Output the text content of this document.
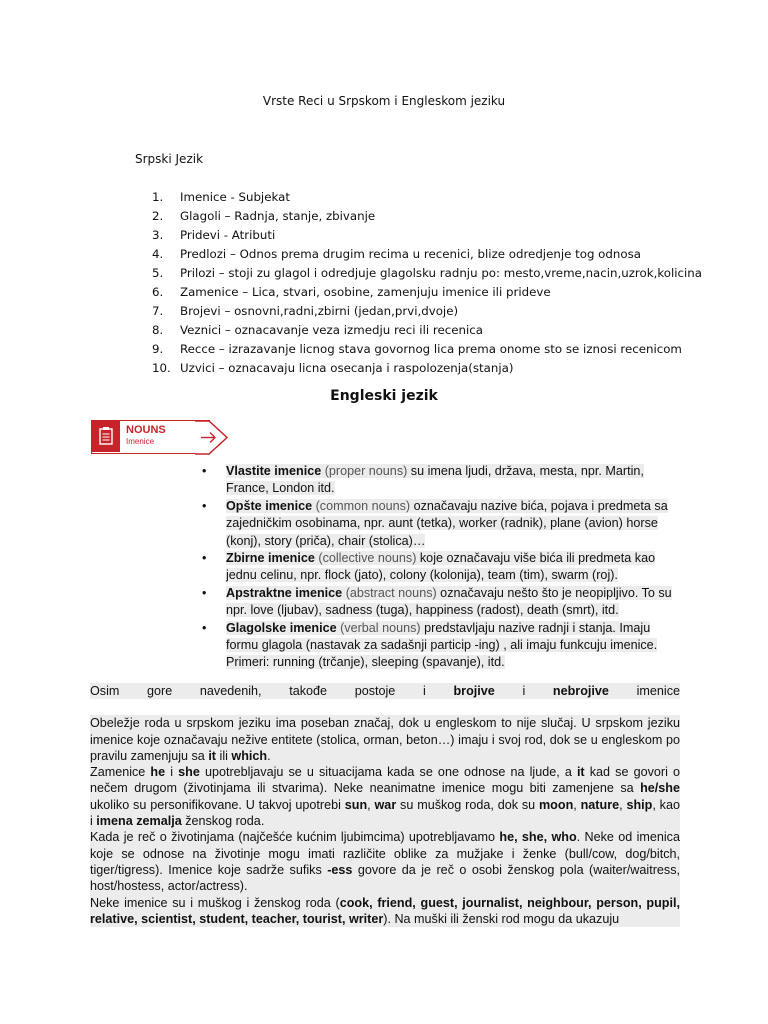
Vrste Reci u Srpskom i Engleskom jeziku
Srpski Jezik
1. Imenice - Subjekat
2. Glagoli – Radnja, stanje, zbivanje
3. Pridevi - Atributi
4. Predlozi – Odnos prema drugim recima u recenici, blize odredjenje tog odnosa
5. Prilozi – stoji zu glagol i odredjuje glagolsku radnju po: mesto,vreme,nacin,uzrok,kolicina
6. Zamenice – Lica, stvari, osobine, zamenjuju imenice ili prideve
7. Brojevi – osnovni,radni,zbirni (jedan,prvi,dvoje)
8. Veznici – oznacavanje veza izmedju reci ili recenica
9. Recce – izrazavanje licnog stava govornog lica prema onome sto se iznosi recenicom
10. Uzvici – oznacavaju licna osecanja i raspolozenja(stanja)
Engleski jezik
NOUNS
Imenice
• Vlastite imenice (proper nouns) su imena ljudi, država, mesta, npr. Martin, France, London itd.
• Opšte imenice (common nouns) označavaju nazive bića, pojava i predmeta sa zajedničkim osobinama, npr. aunt (tetka), worker (radnik), plane (avion) horse (konj), story (priča), chair (stolica)…
• Zbirne imenice (collective nouns) koje označavaju više bića ili predmeta kao jednu celinu, npr. flock (jato), colony (kolonija), team (tim), swarm (roj).
• Apstraktne imenice (abstract nouns) označavaju nešto što je neopipljivo. To su npr. love (ljubav), sadness (tuga), happiness (radost), death (smrt), itd.
• Glagolske imenice (verbal nouns) predstavljaju nazive radnji i stanja. Imaju formu glagola (nastavak za sadašnji particip -ing) , ali imaju funkcuju imenice. Primeri: running (trčanje), sleeping (spavanje), itd.

Osim gore navedenih, takođe postoje i brojive i nebrojive imenice

Obeležje roda u srpskom jeziku ima poseban značaj, dok u engleskom to nije slučaj. U srpskom jeziku imenice koje označavaju neživе entitete (stolica, orman, beton…) imaju i svoj rod, dok se u engleskom po pravilu zamenjuju sa it ili which.

Zamenice he i she upotrebljavaju se u situacijama kada se one odnose na ljude, a it kad se govori o nečem drugom (životinjama ili stvarima). Neke neanimatne imenice mogu biti zamenjene sa he/she ukoliko su personifikovane. U takvoj upotrebi sun, war su muškog roda, dok su moon, nature, ship, kao i imena zemalja ženskog roda.

Kada je reč o životinjama (najčešće kućnim ljubimcima) upotrebljavamo he, she, who. Neke od imenica koje se odnose na životinje mogu imati različite oblike za mužjake i ženke (bull/cow, dog/bitch, tiger/tigress). Imenice koje sadrže sufiks -ess govore da je reč o osobi ženskog pola (waiter/waitress, host/hostess, actor/actress).

Neke imenice su i muškog i ženskog roda (cook, friend, guest, journalist, neighbour, person, pupil, relative, scientist, student, teacher, tourist, writer). Na muški ili ženski rod mogu da ukazuju
